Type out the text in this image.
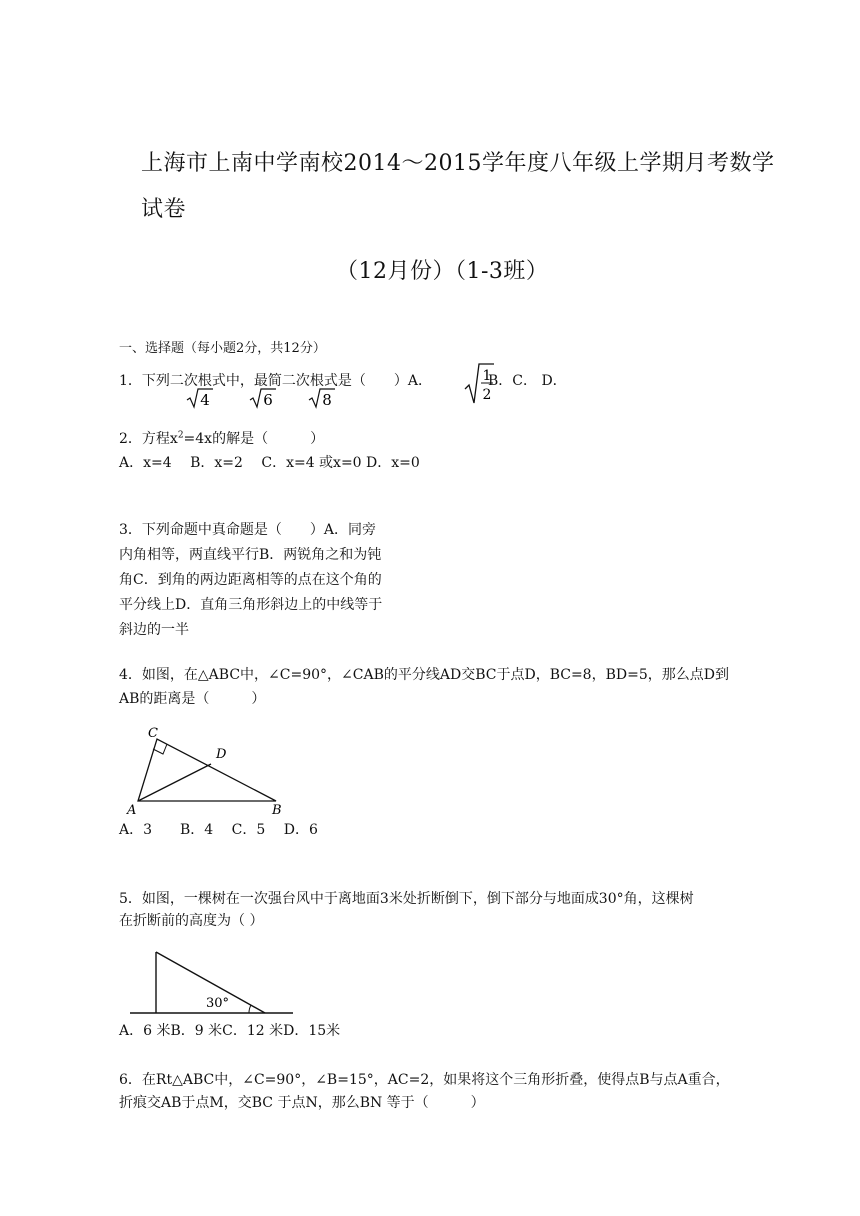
上海市上南中学南校2014～2015学年度八年级上学期月考数学
试卷
（12月份）（1-3班）
一、选择题（每小题2分，共12分）
1．下列二次根式中，最简二次根式是（　　）A．	1
2
B．C． D．
4	6	8
2．方程$x^2=4x$的解是（　　　）
A．x=4　 B．x=2　 C．x=4 或x=0 D．x=0
3．下列命题中真命题是（　　）A．同旁
内角相等，两直线平行B．两锐角之和为钝
角C．到角的两边距离相等的点在这个角的
平分线上D．直角三角形斜边上的中线等于
斜边的一半
4．如图，在△ABC中，∠C=90°，∠CAB的平分线AD交BC于点D，BC=8，BD=5，那么点D到
AB的距离是（　　　）
C
D
A	B
A．3　　B．4　 C．5　 D．6
5．如图，一棵树在一次强台风中于离地面3米处折断倒下，倒下部分与地面成30°角，这棵树
在折断前的高度为（ ）
30°
A．6 米B．9 米C．12 米D．15米
6．在Rt△ABC中，∠C=90°，∠B=15°，AC=2，如果将这个三角形折叠，使得点B与点A重合，
折痕交AB于点M，交BC 于点N，那么BN 等于（　　　）
